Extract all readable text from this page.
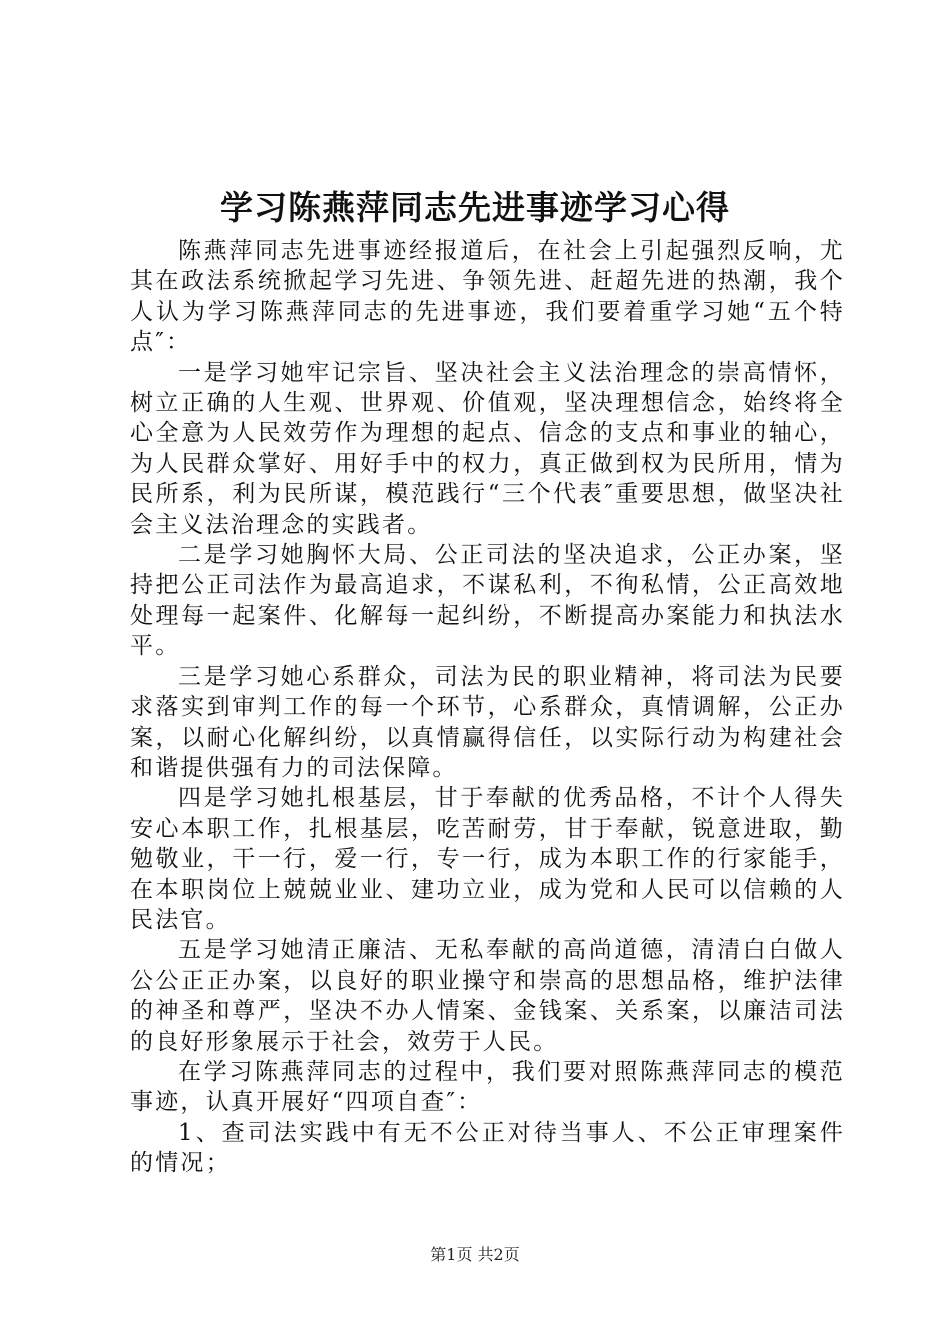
学习陈燕萍同志先进事迹学习心得

陈燕萍同志先进事迹经报道后，在社会上引起强烈反响，尤其在政法系统掀起学习先进、争领先进、赶超先进的热潮，我个人认为学习陈燕萍同志的先进事迹，我们要着重学习她“五个特点″：

一是学习她牢记宗旨、坚决社会主义法治理念的崇高情怀，树立正确的人生观、世界观、价值观，坚决理想信念，始终将全心全意为人民效劳作为理想的起点、信念的支点和事业的轴心，为人民群众掌好、用好手中的权力，真正做到权为民所用，情为民所系，利为民所谋，模范践行“三个代表″重要思想，做坚决社会主义法治理念的实践者。

二是学习她胸怀大局、公正司法的坚决追求，公正办案，坚持把公正司法作为最高追求，不谋私利，不徇私情，公正高效地处理每一起案件、化解每一起纠纷，不断提高办案能力和执法水平。

三是学习她心系群众，司法为民的职业精神，将司法为民要求落实到审判工作的每一个环节，心系群众，真情调解，公正办案，以耐心化解纠纷，以真情赢得信任，以实际行动为构建社会和谐提供强有力的司法保障。

四是学习她扎根基层，甘于奉献的优秀品格，不计个人得失安心本职工作，扎根基层，吃苦耐劳，甘于奉献，锐意进取，勤勉敬业，干一行，爱一行，专一行，成为本职工作的行家能手，在本职岗位上兢兢业业、建功立业，成为党和人民可以信赖的人民法官。

五是学习她清正廉洁、无私奉献的高尚道德，清清白白做人公公正正办案，以良好的职业操守和崇高的思想品格，维护法律的神圣和尊严，坚决不办人情案、金钱案、关系案，以廉洁司法的良好形象展示于社会，效劳于人民。

在学习陈燕萍同志的过程中，我们要对照陈燕萍同志的模范事迹，认真开展好“四项自查″：

1、查司法实践中有无不公正对待当事人、不公正审理案件的情况；

第1页 共2页
